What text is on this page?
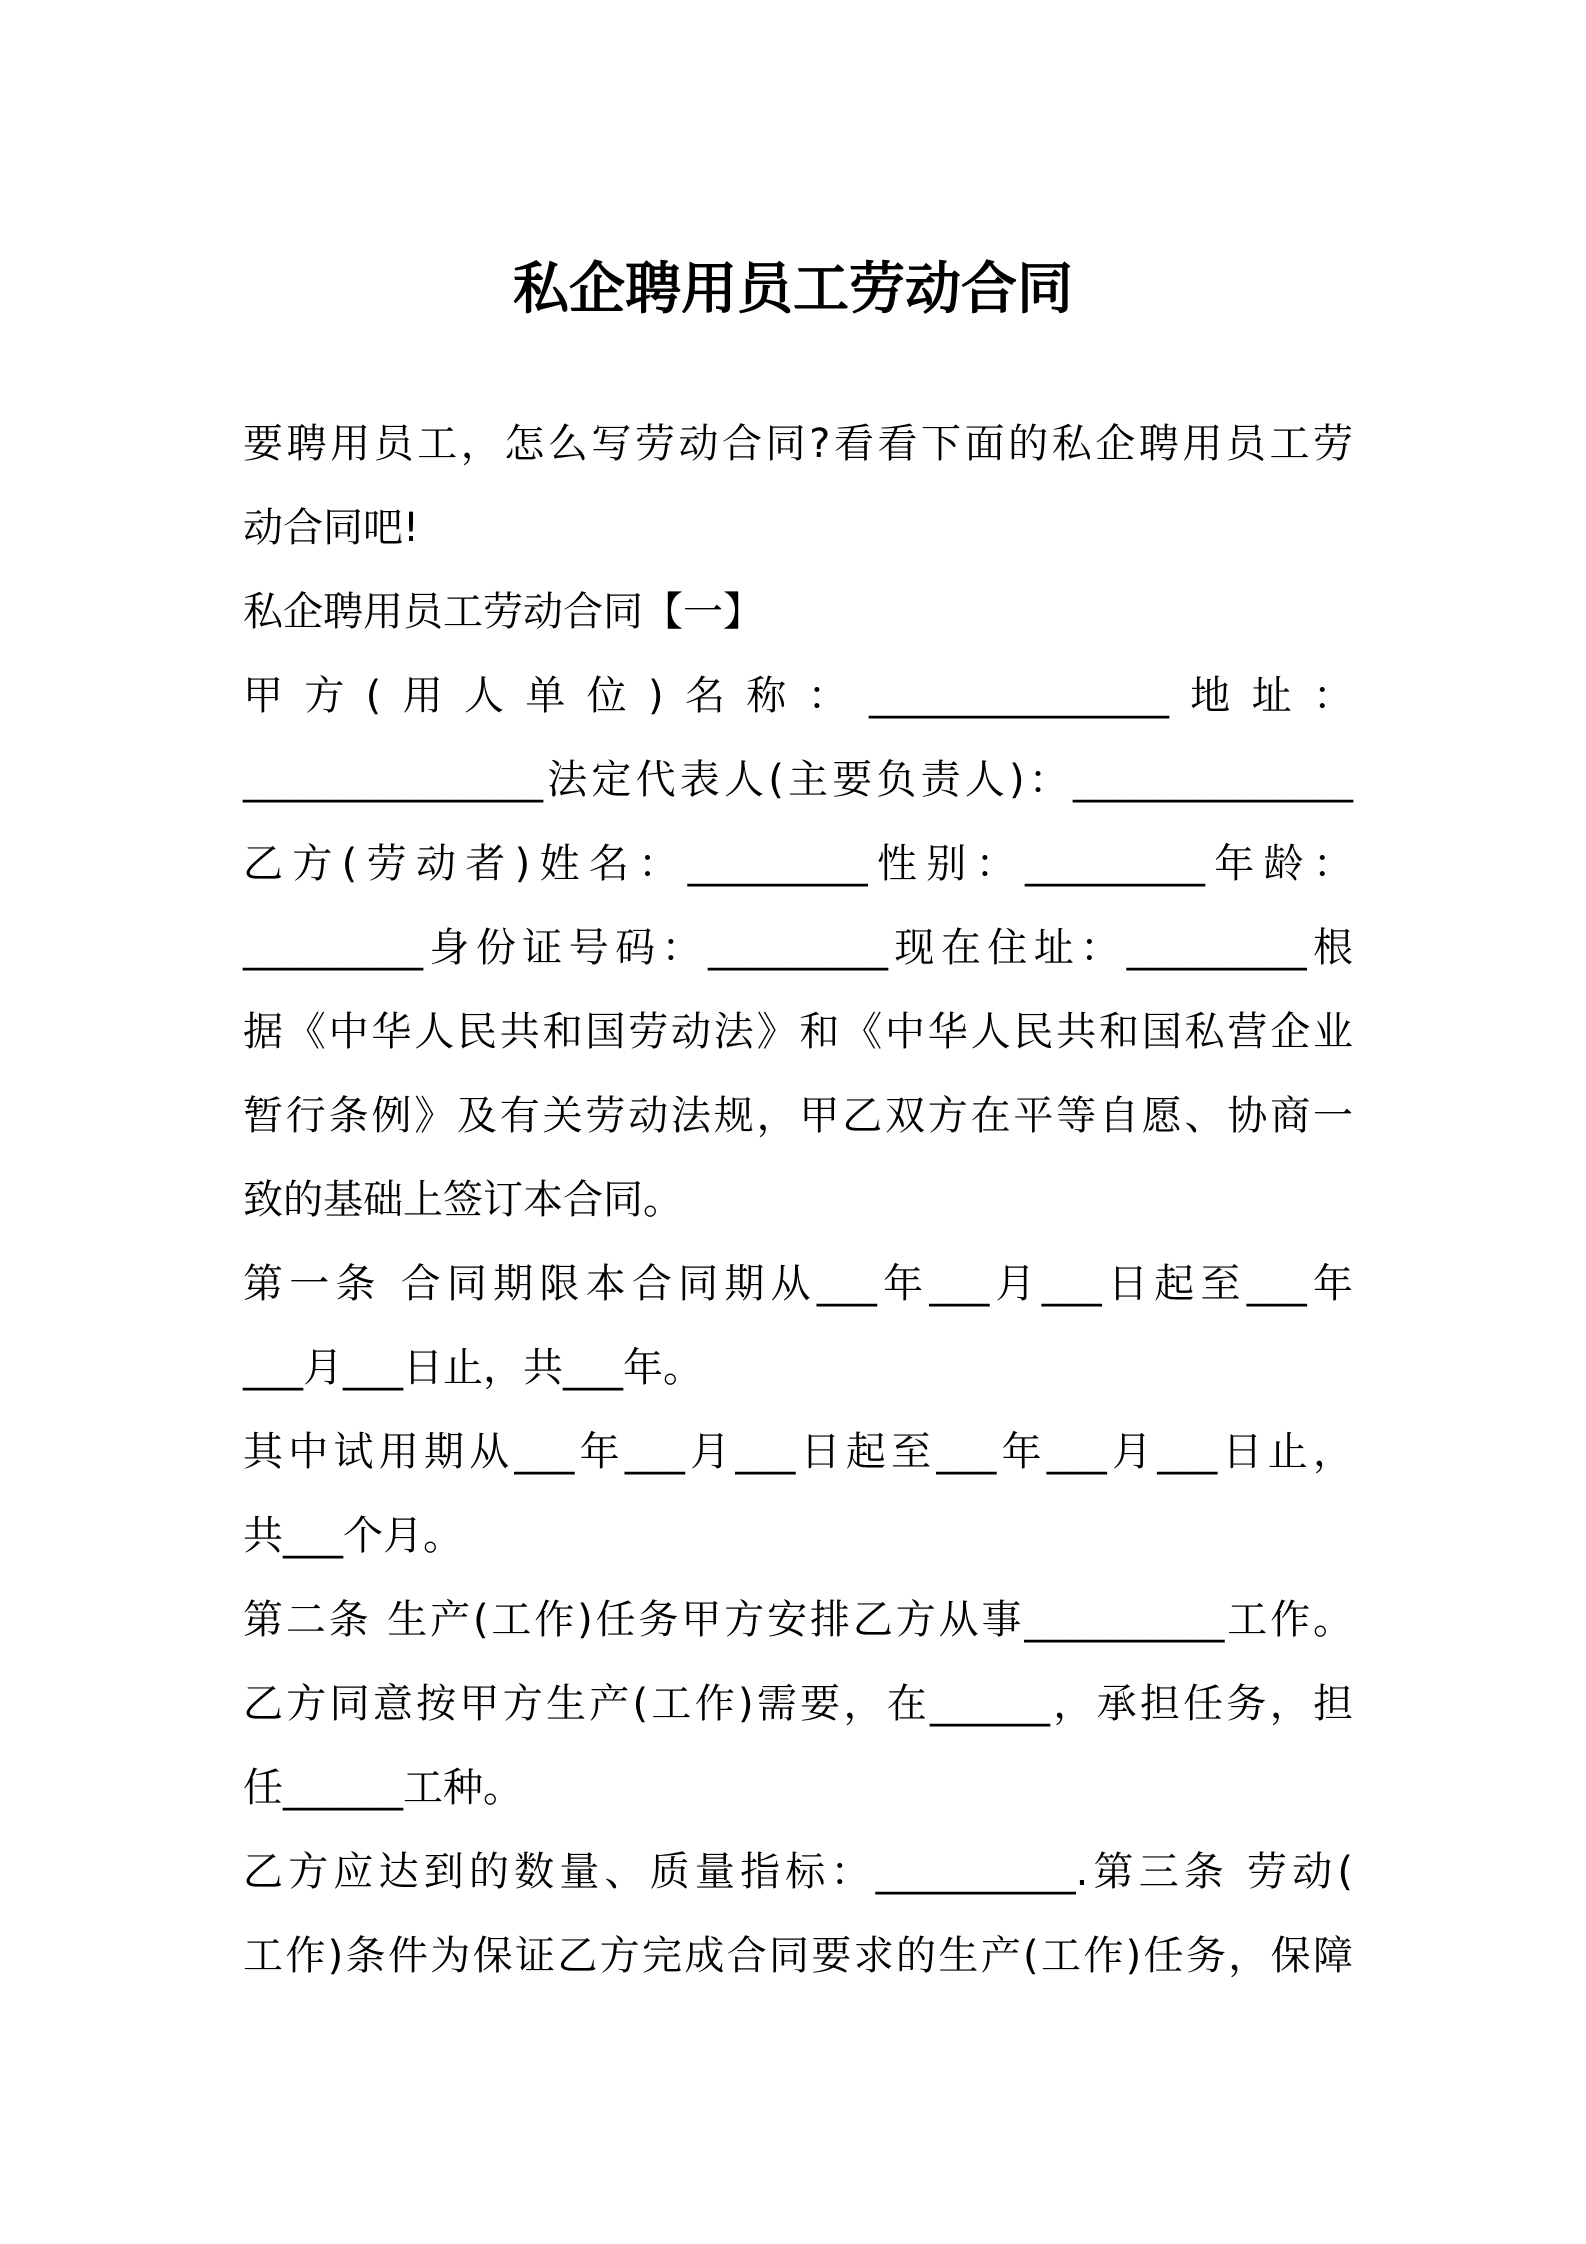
私企聘用员工劳动合同

要聘用员工，怎么写劳动合同?看看下面的私企聘用员工劳

动合同吧!

私企聘用员工劳动合同【一】

甲方(用人单位)名称：_______________地址：

_______________法定代表人(主要负责人)：______________

乙方(劳动者)姓名：_________性别：_________年龄：

_________身份证号码：_________现在住址：_________根

据《中华人民共和国劳动法》和《中华人民共和国私营企业

暂行条例》及有关劳动法规，甲乙双方在平等自愿、协商一

致的基础上签订本合同。

第一条 合同期限本合同期从___年___月___日起至___年

___月___日止，共___年。

其中试用期从___年___月___日起至___年___月___日止，

共___个月。

第二条 生产(工作)任务甲方安排乙方从事__________工作。

乙方同意按甲方生产(工作)需要，在______，承担任务，担

任______工种。

乙方应达到的数量、质量指标：__________.第三条 劳动(

工作)条件为保证乙方完成合同要求的生产(工作)任务，保障
